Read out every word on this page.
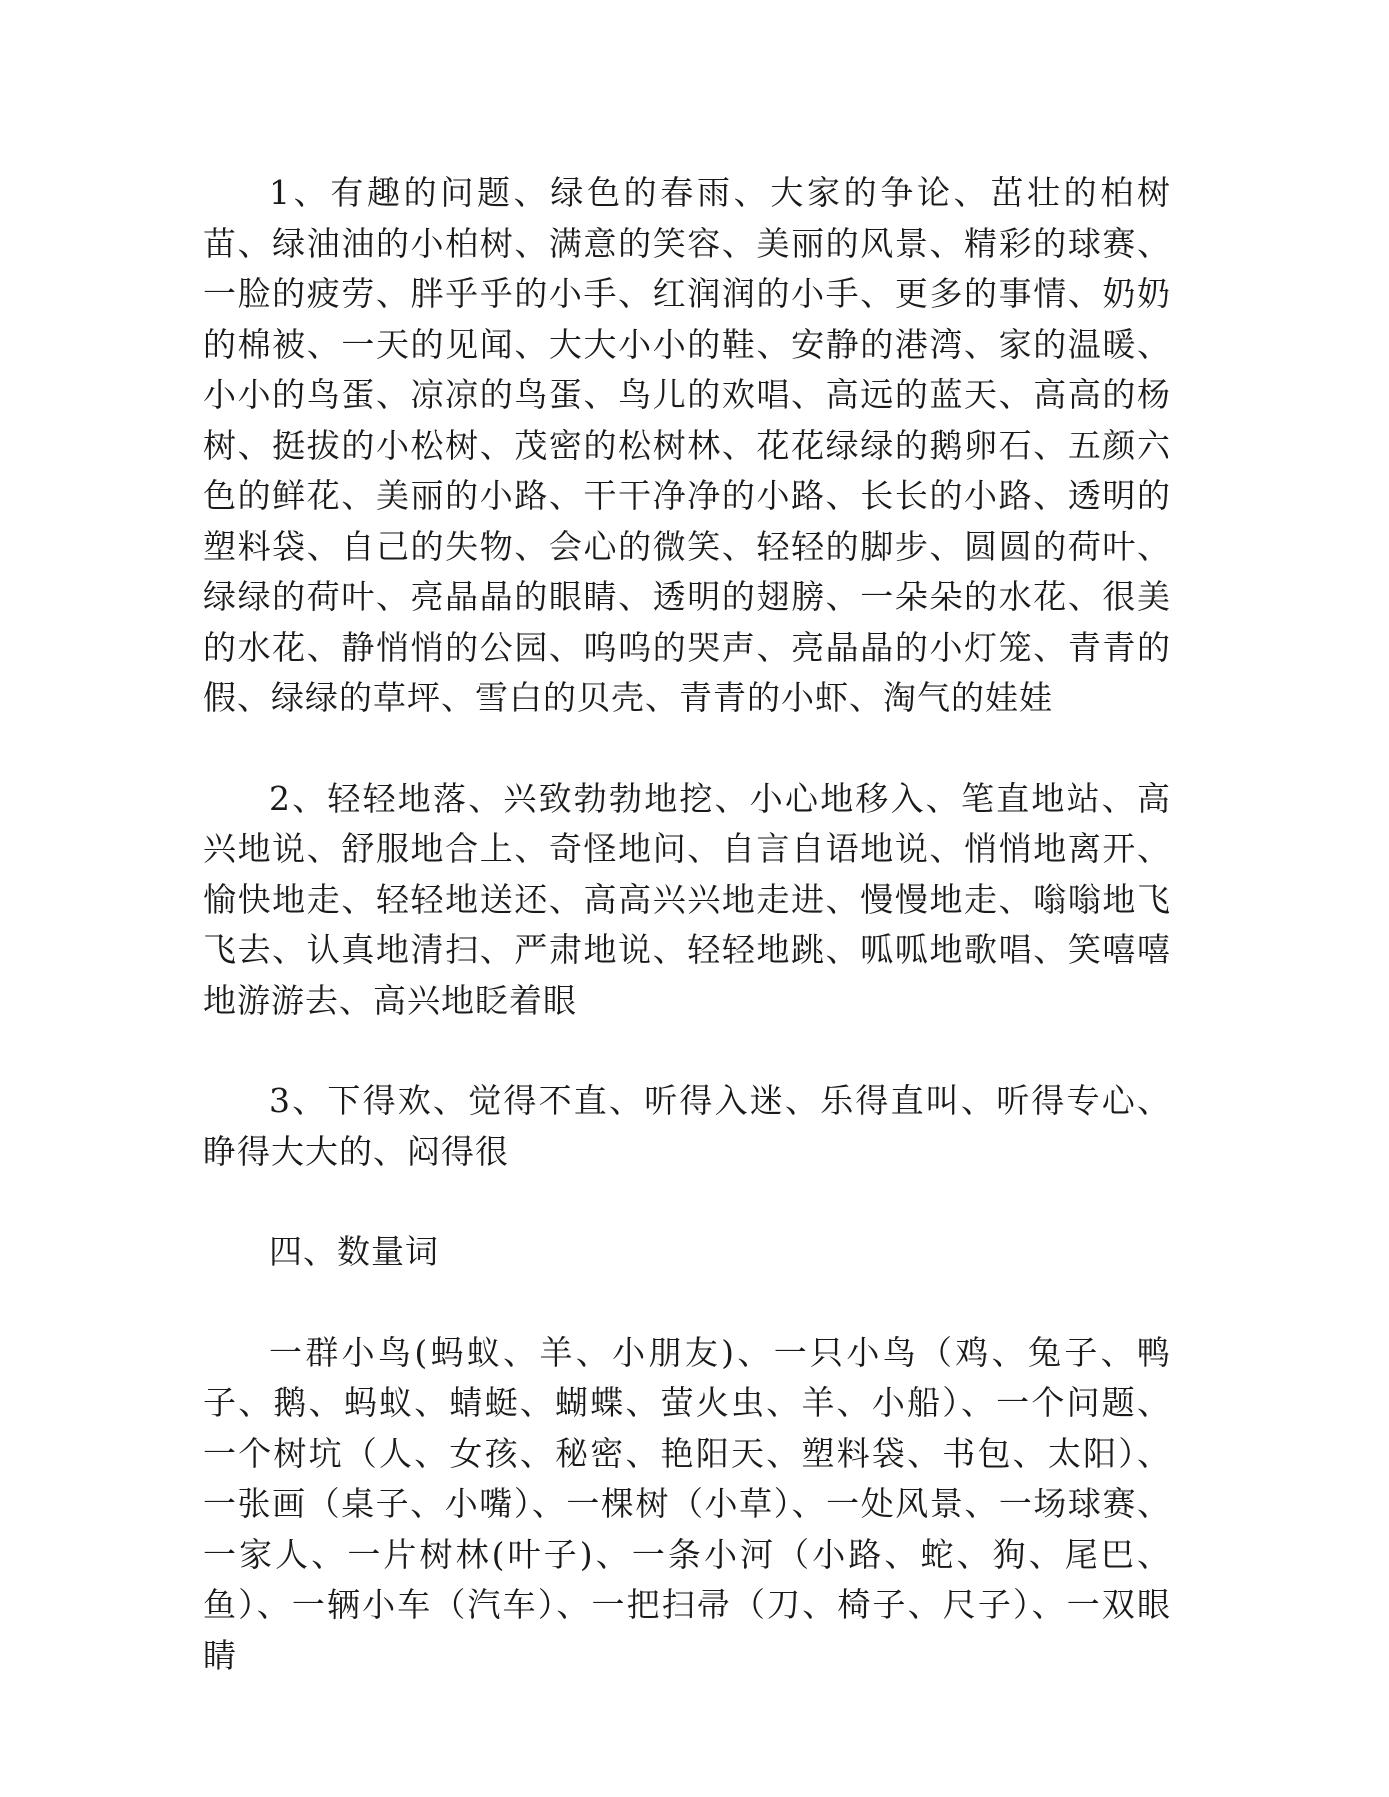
1、有趣的问题、绿色的春雨、大家的争论、茁壮的柏树苗、绿油油的小柏树、满意的笑容、美丽的风景、精彩的球赛、一脸的疲劳、胖乎乎的小手、红润润的小手、更多的事情、奶奶的棉被、一天的见闻、大大小小的鞋、安静的港湾、家的温暖、小小的鸟蛋、凉凉的鸟蛋、鸟儿的欢唱、高远的蓝天、高高的杨树、挺拔的小松树、茂密的松树林、花花绿绿的鹅卵石、五颜六色的鲜花、美丽的小路、干干净净的小路、长长的小路、透明的塑料袋、自己的失物、会心的微笑、轻轻的脚步、圆圆的荷叶、绿绿的荷叶、亮晶晶的眼睛、透明的翅膀、一朵朵的水花、很美的水花、静悄悄的公园、呜呜的哭声、亮晶晶的小灯笼、青青的假、绿绿的草坪、雪白的贝壳、青青的小虾、淘气的娃娃

2、轻轻地落、兴致勃勃地挖、小心地移入、笔直地站、高兴地说、舒服地合上、奇怪地问、自言自语地说、悄悄地离开、愉快地走、轻轻地送还、高高兴兴地走进、慢慢地走、嗡嗡地飞飞去、认真地清扫、严肃地说、轻轻地跳、呱呱地歌唱、笑嘻嘻地游游去、高兴地眨着眼

3、下得欢、觉得不直、听得入迷、乐得直叫、听得专心、睁得大大的、闷得很

四、数量词

一群小鸟(蚂蚁、羊、小朋友)、一只小鸟（鸡、兔子、鸭子、鹅、蚂蚁、蜻蜓、蝴蝶、萤火虫、羊、小船）、一个问题、一个树坑（人、女孩、秘密、艳阳天、塑料袋、书包、太阳）、一张画（桌子、小嘴）、一棵树（小草）、一处风景、一场球赛、一家人、一片树林(叶子)、一条小河（小路、蛇、狗、尾巴、鱼）、一辆小车（汽车）、一把扫帚（刀、椅子、尺子）、一双眼睛
